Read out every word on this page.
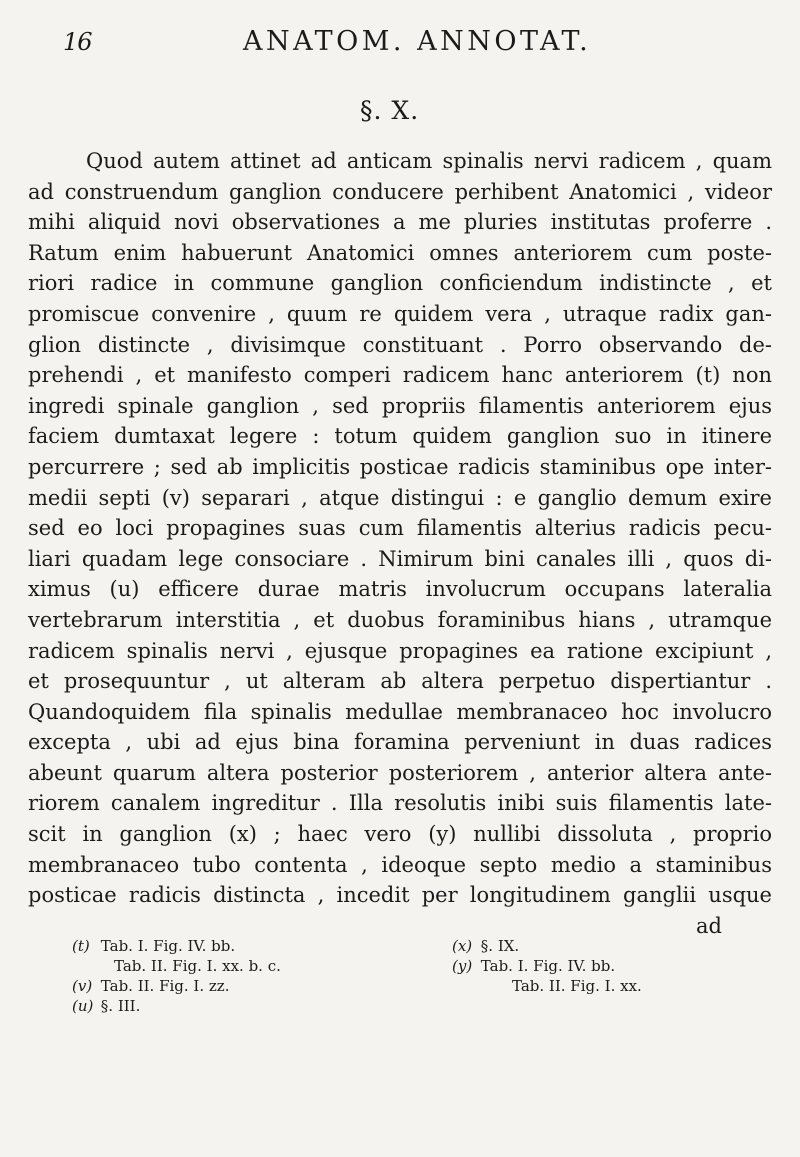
16	ANATOM. ANNOTAT.
§. X.
Quod autem attinet ad anticam spinalis nervi radicem , quam
ad construendum ganglion conducere perhibent Anatomici , videor
mihi aliquid novi observationes a me pluries institutas proferre .
Ratum enim habuerunt Anatomici omnes anteriorem cum poste-
riori radice in commune ganglion conficiendum indistincte , et
promiscue convenire , quum re quidem vera , utraque radix gan-
glion distincte , divisimque constituant . Porro observando de-
prehendi , et manifesto comperi radicem hanc anteriorem (t) non
ingredi spinale ganglion , sed propriis filamentis anteriorem ejus
faciem dumtaxat legere : totum quidem ganglion suo in itinere
percurrere ; sed ab implicitis posticae radicis staminibus ope inter-
medii septi (v) separari , atque distingui : e ganglio demum exire
sed eo loci propagines suas cum filamentis alterius radicis pecu-
liari quadam lege consociare . Nimirum bini canales illi , quos di-
ximus (u) efficere durae matris involucrum occupans lateralia
vertebrarum interstitia , et duobus foraminibus hians , utramque
radicem spinalis nervi , ejusque propagines ea ratione excipiunt ,
et prosequuntur , ut alteram ab altera perpetuo dispertiantur .
Quandoquidem fila spinalis medullae membranaceo hoc involucro
excepta , ubi ad ejus bina foramina perveniunt in duas radices
abeunt quarum altera posterior posteriorem , anterior altera ante-
riorem canalem ingreditur . Illa resolutis inibi suis filamentis late-
scit in ganglion (x) ; haec vero (y) nullibi dissoluta , proprio
membranaceo tubo contenta , ideoque septo medio a staminibus
posticae radicis distincta , incedit per longitudinem ganglii usque
ad
(t) Tab. I. Fig. IV. bb.
Tab. II. Fig. I. xx. b. c.
(v) Tab. II. Fig. I. zz.
(u) §. III.
(x) §. IX.
(y) Tab. I. Fig. IV. bb.
Tab. II. Fig. I. xx.
